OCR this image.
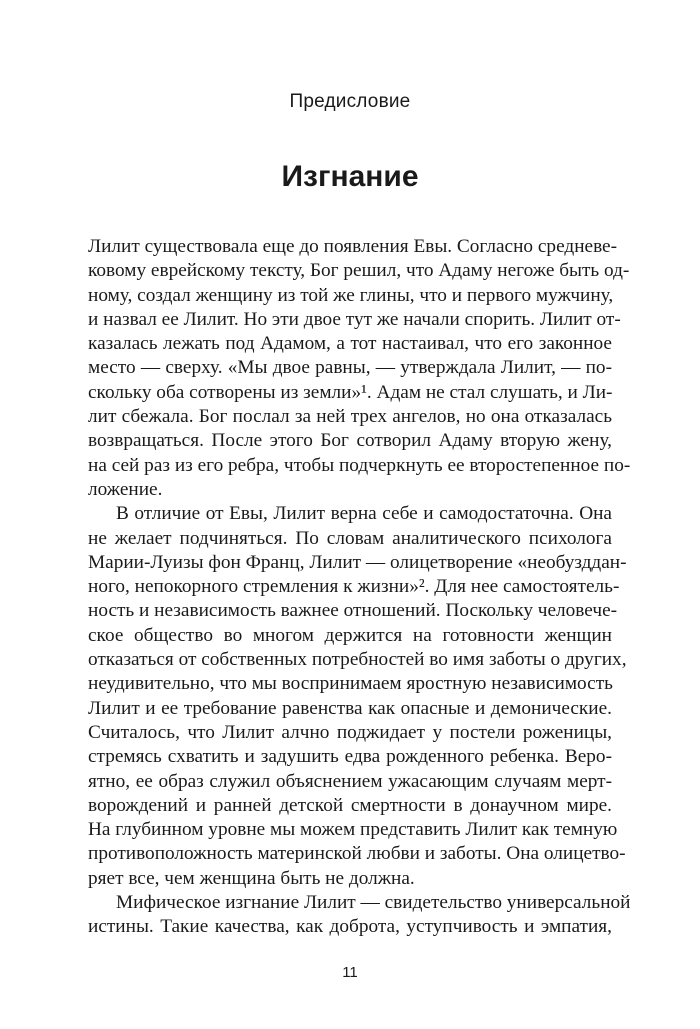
Предисловие
Изгнание
Лилит существовала еще до появления Евы. Согласно средневе-
ковому еврейскому тексту, Бог решил, что Адаму негоже быть од-
ному, создал женщину из той же глины, что и первого мужчину,
и назвал ее Лилит. Но эти двое тут же начали спорить. Лилит от-
казалась лежать под Адамом, а тот настаивал, что его законное
место — сверху. «Мы двое равны, — утверждала Лилит, — по-
скольку оба сотворены из земли»¹. Адам не стал слушать, и Ли-
лит сбежала. Бог послал за ней трех ангелов, но она отказалась
возвращаться. После этого Бог сотворил Адаму вторую жену,
на сей раз из его ребра, чтобы подчеркнуть ее второстепенное по-
ложение.
В отличие от Евы, Лилит верна себе и самодостаточна. Она
не желает подчиняться. По словам аналитического психолога
Марии-Луизы фон Франц, Лилит — олицетворение «необузддан-
ного, непокорного стремления к жизни»². Для нее самостоятель-
ность и независимость важнее отношений. Поскольку человече-
ское общество во многом держится на готовности женщин
отказаться от собственных потребностей во имя заботы о других,
неудивительно, что мы воспринимаем яростную независимость
Лилит и ее требование равенства как опасные и демонические.
Считалось, что Лилит алчно поджидает у постели роженицы,
стремясь схватить и задушить едва рожденного ребенка. Веро-
ятно, ее образ служил объяснением ужасающим случаям мерт-
ворождений и ранней детской смертности в донаучном мире.
На глубинном уровне мы можем представить Лилит как темную
противоположность материнской любви и заботы. Она олицетво-
ряет все, чем женщина быть не должна.
Мифическое изгнание Лилит — свидетельство универсальной
истины. Такие качества, как доброта, уступчивость и эмпатия,
11
